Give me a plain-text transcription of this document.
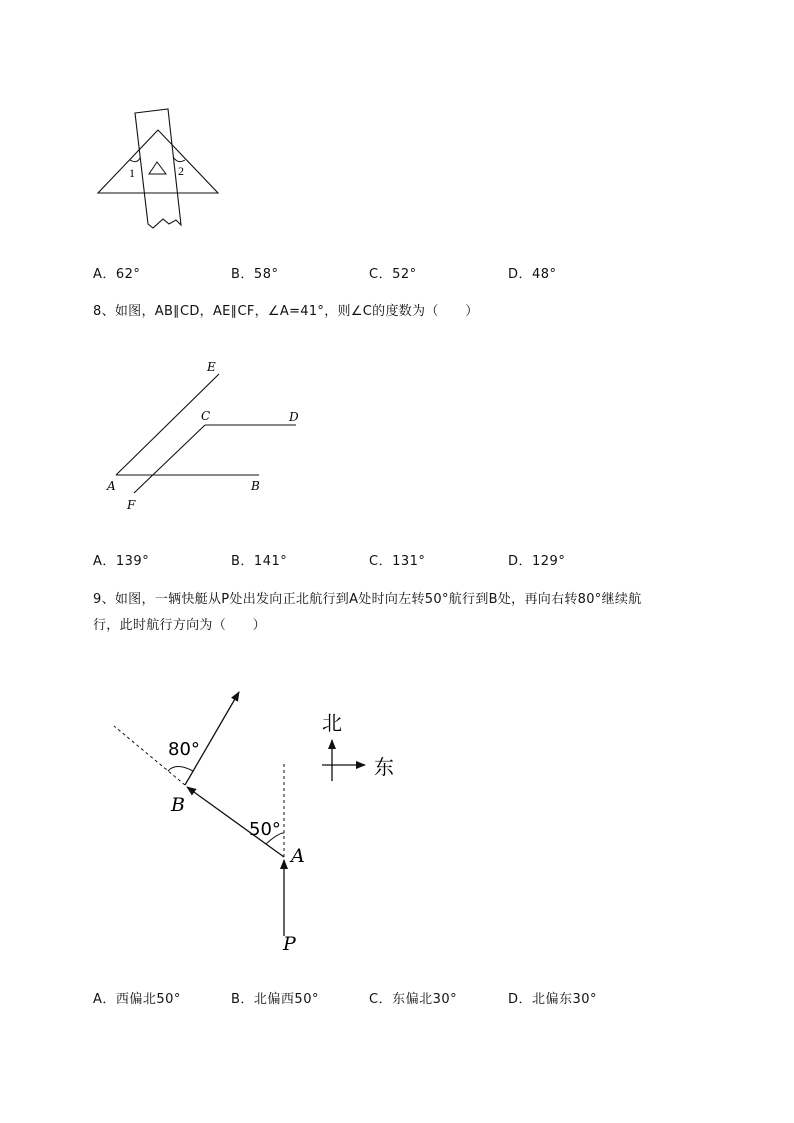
1	2
A．62°	B．58°	C．52°	D．48°
8、如图，AB∥CD，AE∥CF，∠A=41°，则∠C的度数为（　　）
E
C	D
A	B
F
A．139°	B．141°	C．131°	D．129°
9、如图，一辆快艇从P处出发向正北航行到A处时向左转50°航行到B处，再向右转80°继续航
行，此时航行方向为（　　）
80°
50°
B
A
P
北
东
A．西偏北50°	B．北偏西50°	C．东偏北30°	D．北偏东30°
